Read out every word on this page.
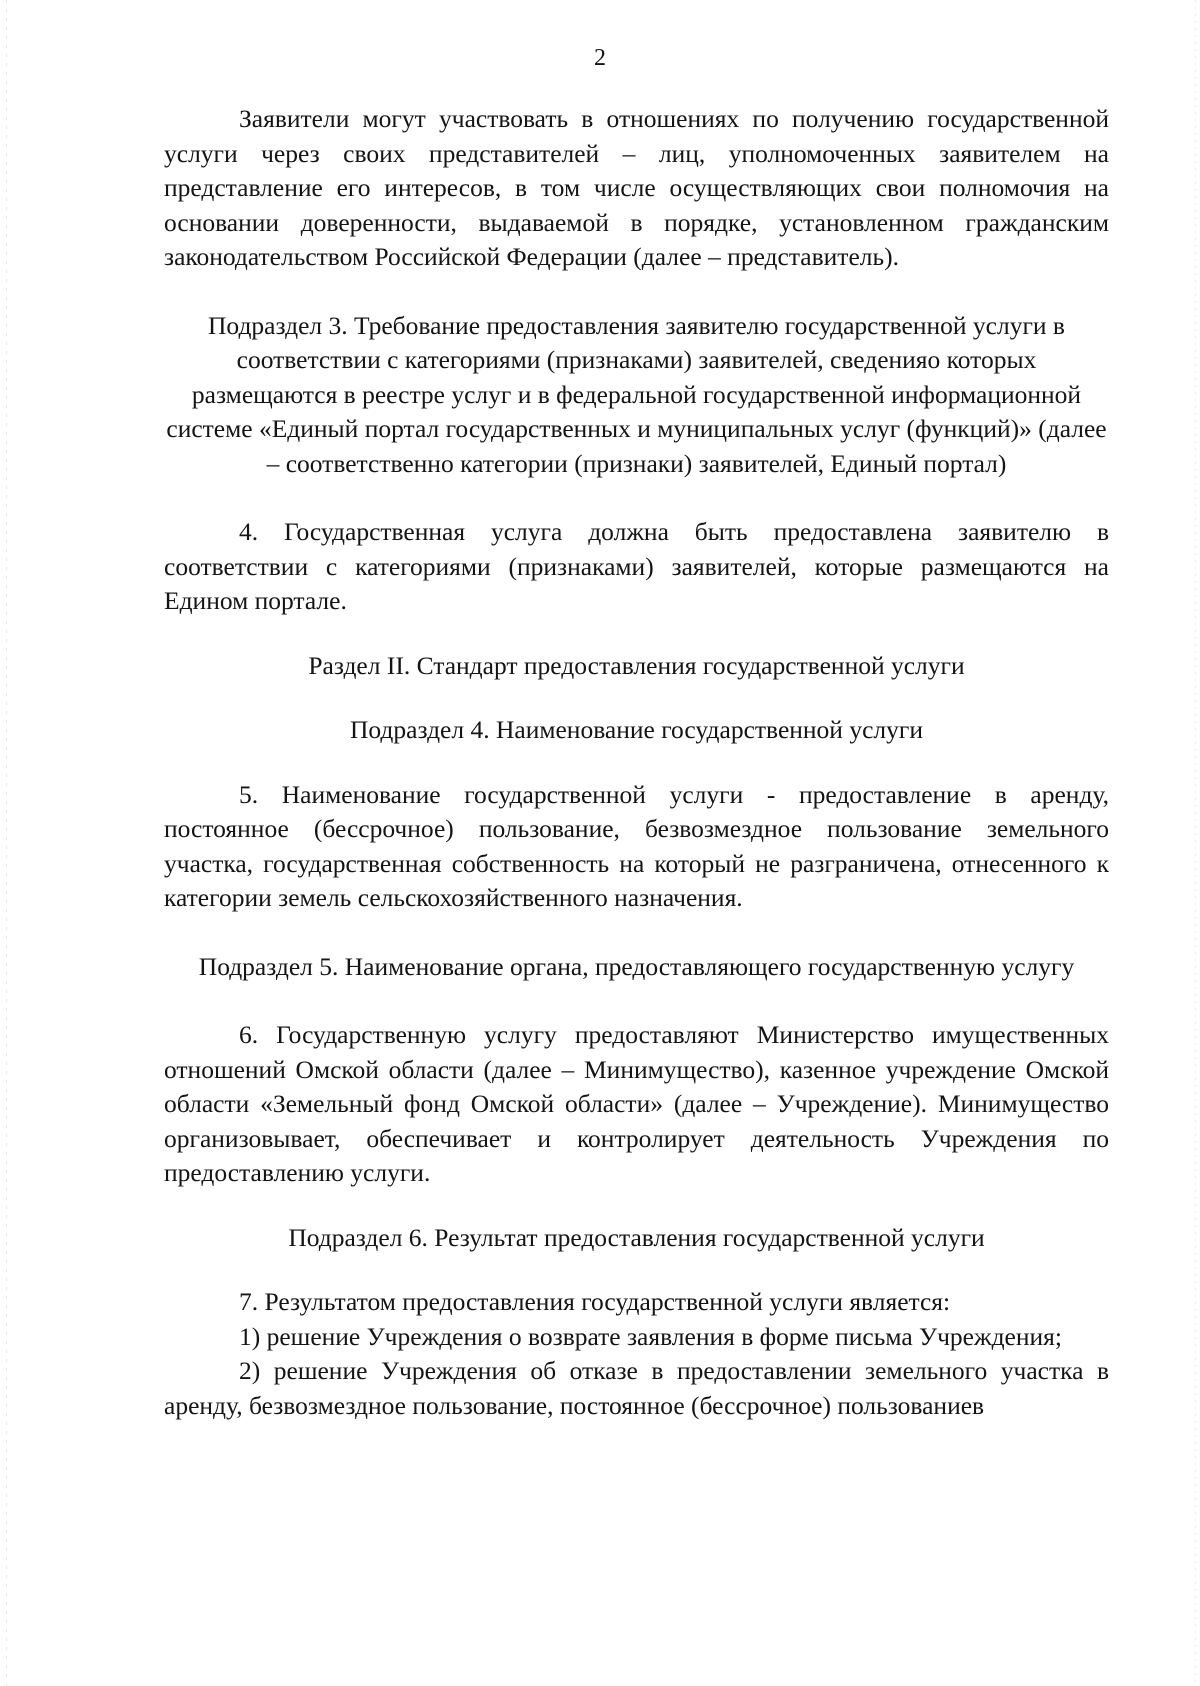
2

Заявители могут участвовать в отношениях по получению государственной услуги через своих представителей – лиц, уполномоченных заявителем на представление его интересов, в том числе осуществляющих свои полномочия на основании доверенности, выдаваемой в порядке, установленном гражданским законодательством Российской Федерации (далее – представитель).

Подраздел 3. Требование предоставления заявителю государственной услуги в соответствии с категориями (признаками) заявителей, сведенияо которых размещаются в реестре услуг и в федеральной государственной информационной системе «Единый портал государственных и муниципальных услуг (функций)» (далее – соответственно категории (признаки) заявителей, Единый портал)

4. Государственная услуга должна быть предоставлена заявителю в соответствии с категориями (признаками) заявителей, которые размещаются на Едином портале.

Раздел II. Стандарт предоставления государственной услуги

Подраздел 4. Наименование государственной услуги

5. Наименование государственной услуги - предоставление в аренду, постоянное (бессрочное) пользование, безвозмездное пользование земельного участка, государственная собственность на который не разграничена, отнесенного к категории земель сельскохозяйственного назначения.

Подраздел 5. Наименование органа, предоставляющего государственную услугу

6. Государственную услугу предоставляют Министерство имущественных отношений Омской области (далее – Минимущество), казенное учреждение Омской области «Земельный фонд Омской области» (далее – Учреждение). Минимущество организовывает, обеспечивает и контролирует деятельность Учреждения по предоставлению услуги.

Подраздел 6. Результат предоставления государственной услуги

7. Результатом предоставления государственной услуги является:

1) решение Учреждения о возврате заявления в форме письма Учреждения;

2) решение Учреждения об отказе в предоставлении земельного участка в аренду, безвозмездное пользование, постоянное (бессрочное) пользованиев
